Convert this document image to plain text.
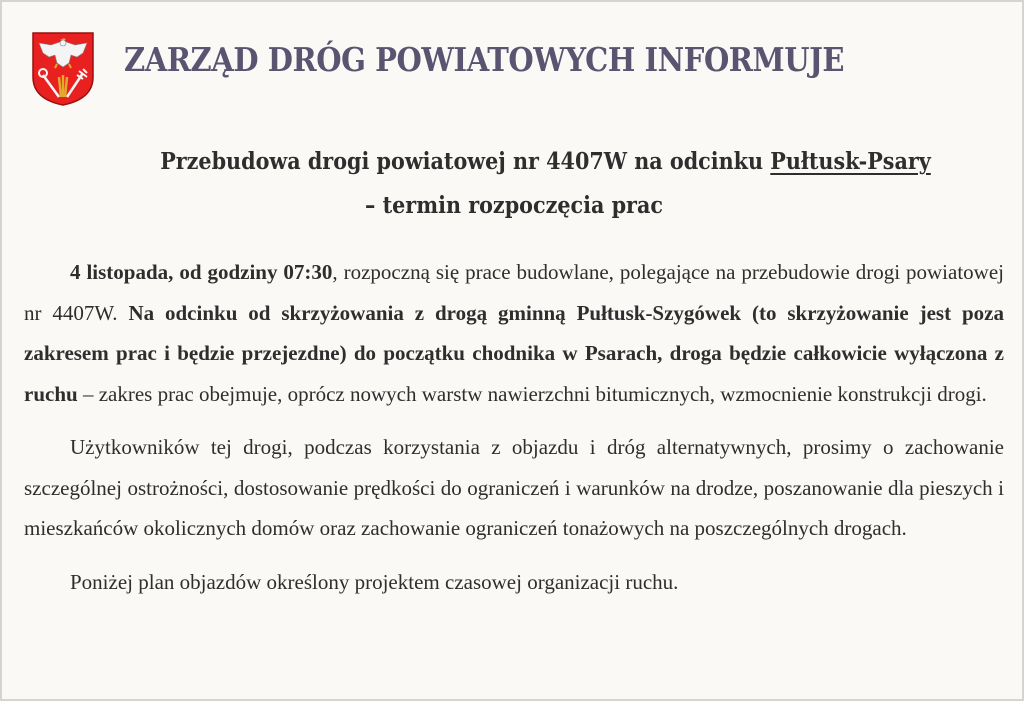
ZARZĄD DRÓG POWIATOWYCH INFORMUJE
Przebudowa drogi powiatowej nr 4407W na odcinku Pułtusk-Psary
– termin rozpoczęcia prac

4 listopada, od godziny 07:30, rozpoczną się prace budowlane, polegające na przebudowie drogi powiatowej nr 4407W. Na odcinku od skrzyżowania z drogą gminną Pułtusk-Szygówek (to skrzyżowanie jest poza zakresem prac i będzie przejezdne) do początku chodnika w Psarach, droga będzie całkowicie wyłączona z ruchu – zakres prac obejmuje, oprócz nowych warstw nawierzchni bitumicznych, wzmocnienie konstrukcji drogi.

Użytkowników tej drogi, podczas korzystania z objazdu i dróg alternatywnych, prosimy o zachowanie szczególnej ostrożności, dostosowanie prędkości do ograniczeń i warunków na drodze, poszanowanie dla pieszych i mieszkańców okolicznych domów oraz zachowanie ograniczeń tonażowych na poszczególnych drogach.

Poniżej plan objazdów określony projektem czasowej organizacji ruchu.
